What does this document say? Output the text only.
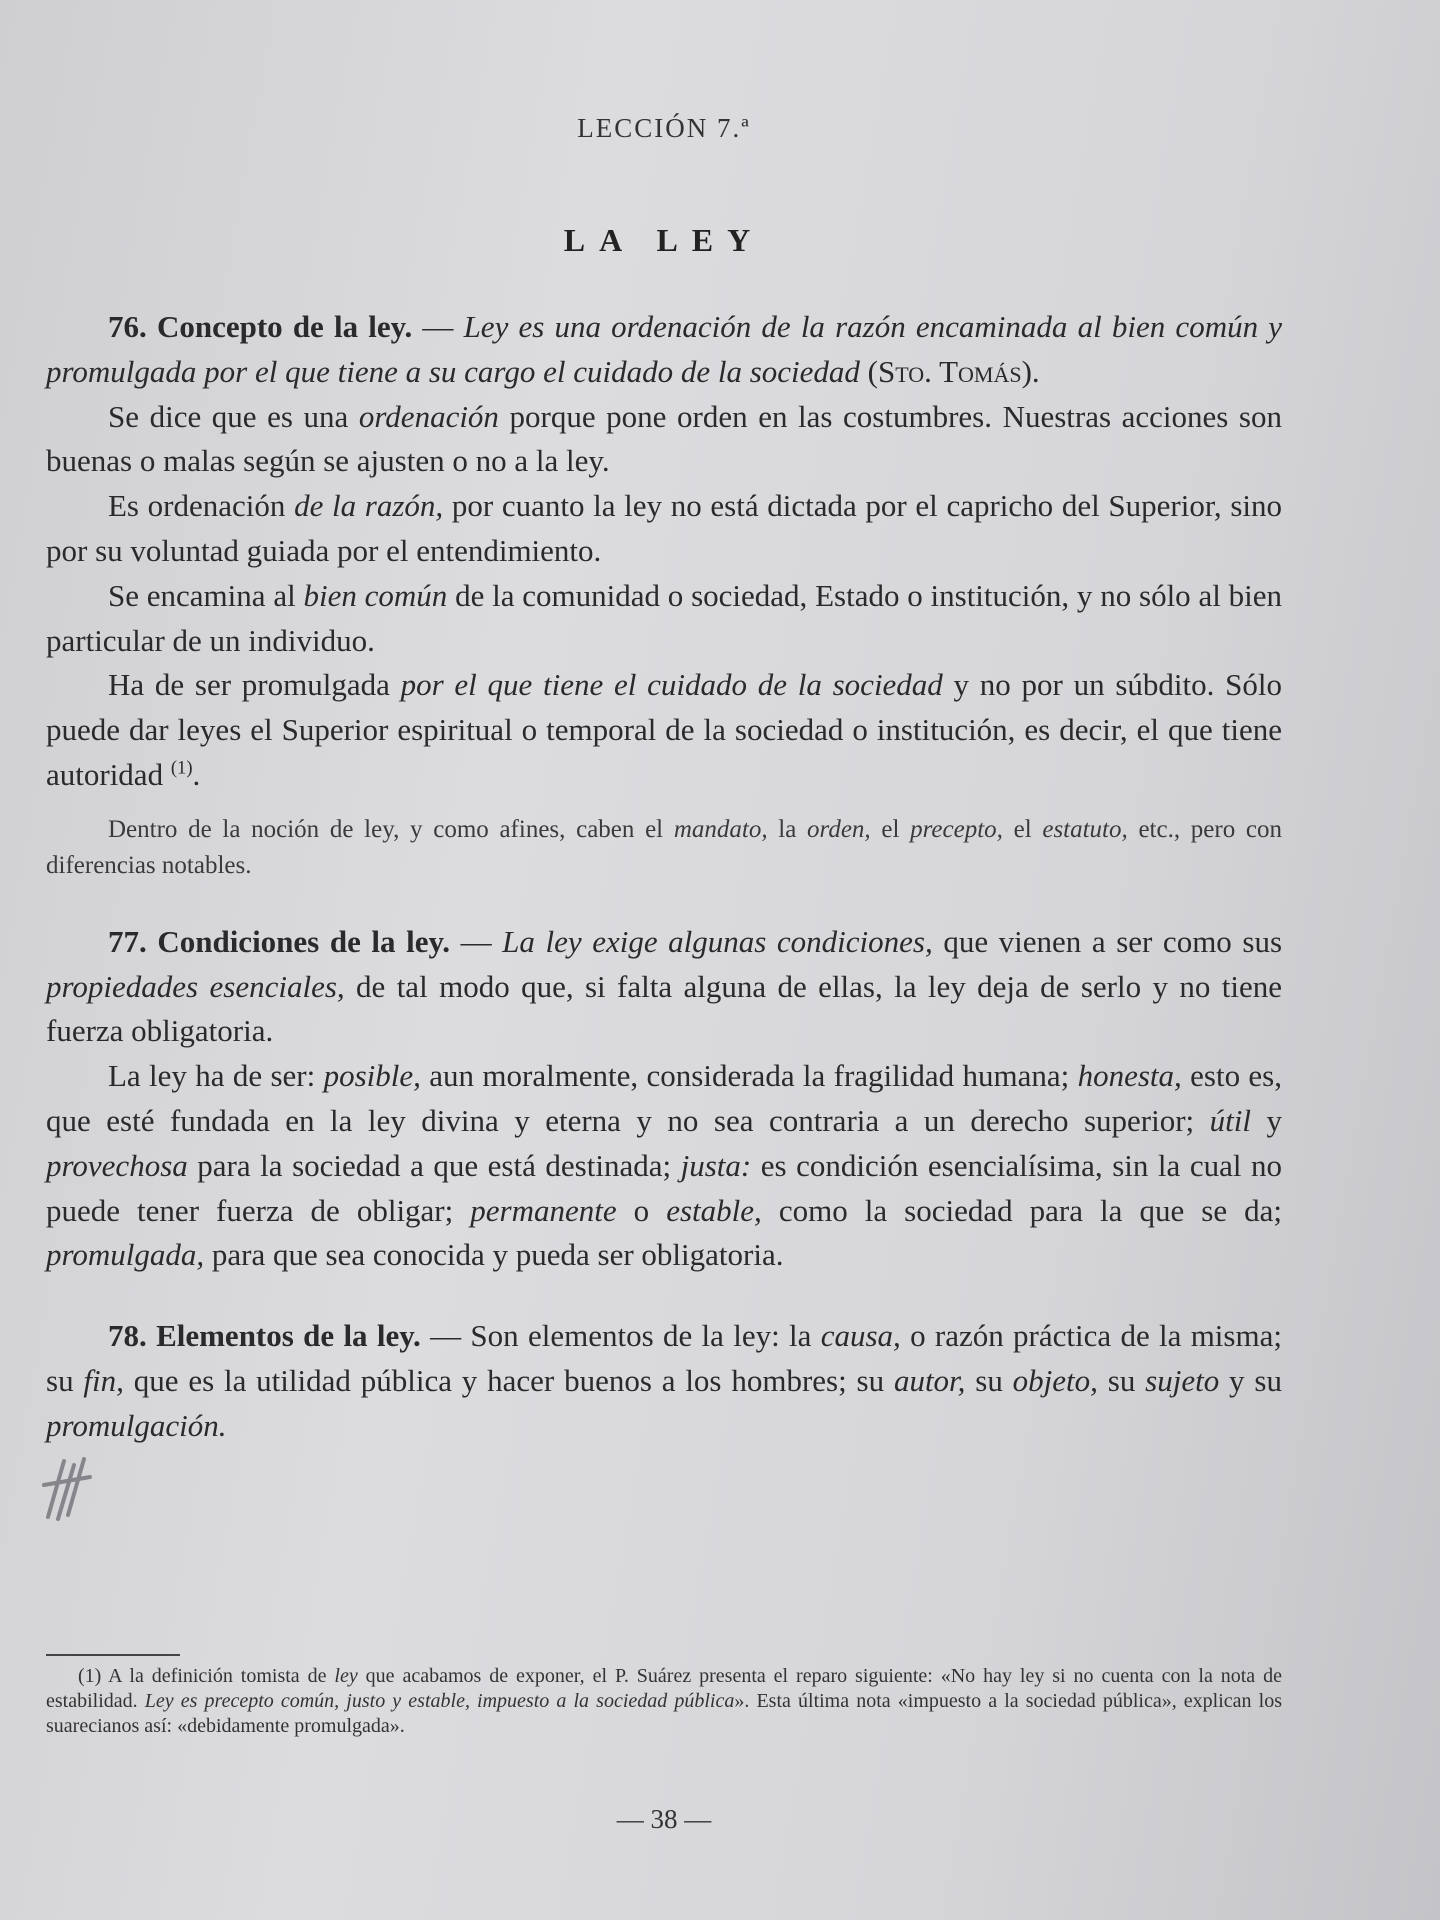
LECCIÓN 7.ª
LA LEY

76. Concepto de la ley. — Ley es una ordenación de la razón encaminada al bien común y promulgada por el que tiene a su cargo el cuidado de la sociedad (Sto. Tomás).

Se dice que es una ordenación porque pone orden en las costumbres. Nuestras acciones son buenas o malas según se ajusten o no a la ley.

Es ordenación de la razón, por cuanto la ley no está dictada por el capricho del Superior, sino por su voluntad guiada por el entendimiento.

Se encamina al bien común de la comunidad o sociedad, Estado o institución, y no sólo al bien particular de un individuo.

Ha de ser promulgada por el que tiene el cuidado de la sociedad y no por un súbdito. Sólo puede dar leyes el Superior espiritual o temporal de la sociedad o institución, es decir, el que tiene autoridad $^{(1)}$.

Dentro de la noción de ley, y como afines, caben el mandato, la orden, el precepto, el estatuto, etc., pero con diferencias notables.

77. Condiciones de la ley. — La ley exige algunas condiciones, que vienen a ser como sus propiedades esenciales, de tal modo que, si falta alguna de ellas, la ley deja de serlo y no tiene fuerza obligatoria.

La ley ha de ser: posible, aun moralmente, considerada la fragilidad humana; honesta, esto es, que esté fundada en la ley divina y eterna y no sea contraria a un derecho superior; útil y provechosa para la sociedad a que está destinada; justa: es condición esencialísima, sin la cual no puede tener fuerza de obligar; permanente o estable, como la sociedad para la que se da; promulgada, para que sea conocida y pueda ser obligatoria.

78. Elementos de la ley. — Son elementos de la ley: la causa, o razón práctica de la misma; su fin, que es la utilidad pública y hacer buenos a los hombres; su autor, su objeto, su sujeto y su promulgación.

(1) A la definición tomista de ley que acabamos de exponer, el P. Suárez presenta el reparo siguiente: «No hay ley si no cuenta con la nota de estabilidad. Ley es precepto común, justo y estable, impuesto a la sociedad pública». Esta última nota «impuesto a la sociedad pública», explican los suarecianos así: «debidamente promulgada».

— 38 —
